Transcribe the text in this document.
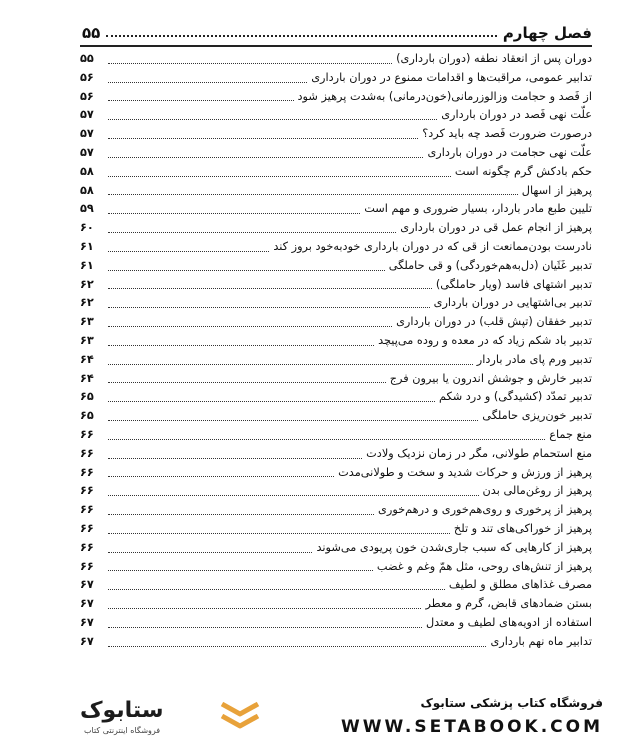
فصل چهارم
۵۵
دوران پس از انعقاد نطفه (دوران بارداری)
۵۵
تدابیر عمومی، مراقبت‌ها و اقدامات ممنوع در دوران بارداری
۵۶
از فَصد و حجامت وزالوزرمانی(خون‌درمانی) به‌شدت پرهیز شود
۵۶
علّت نهی فَصد در دوران بارداری
۵۷
درصورت ضرورت فَصد چه باید کرد؟
۵۷
علّت نهی حجامت در دوران بارداری
۵۷
حکم بادکش گرم چگونه است
۵۸
پرهیز از اسهال
۵۸
تلیین طبع مادر باردار، بسیار ضروری و مهم است
۵۹
پرهیز از انجام عمل قی در دوران بارداری
۶۰
نادرست بودن‌ممانعت از قی که در دوران بارداری خودبه‌خود بروز کند
۶۱
تدبیر غَثَیان (دل‌به‌هم‌خوردگی) و قی حاملگی
۶۱
تدبیر اشتهای فاسد (ویار حاملگی)
۶۲
تدبیر بی‌اشتهایی در دوران بارداری
۶۲
تدبیر خفقان (تپش قلب) در دوران بارداری
۶۳
تدبیر باد شکم زیاد که در معده و روده می‌پیچد
۶۳
تدبیر ورم پای مادر باردار
۶۴
تدبیر خارش و جوشش اندرون یا بیرون فرج
۶۴
تدبیر تمدّد (کشیدگی) و درد شکم
۶۵
تدبیر خون‌ریزی حاملگی
۶۵
منع جماع
۶۶
منع استحمام طولانی، مگر در زمان نزدیک ولادت
۶۶
پرهیز از ورزش و حرکات شدید و سخت و طولانی‌مدت
۶۶
پرهیز از روغن‌مالی بدن
۶۶
پرهیز از پرخوری و روی‌هم‌خوری و درهم‌خوری
۶۶
پرهیز از خوراکی‌های تند و تلخ
۶۶
پرهیز از کارهایی که سبب جاری‌شدن خون پریودی می‌شوند
۶۶
پرهیز از تنش‌های روحی، مثل همّ وغم و غضب
۶۶
مصرف غذاهای مطلق و لطیف
۶۷
بستن ضمادهای قابض، گرم و معطر
۶۷
استفاده از ادویه‌های لطیف و معتدل
۶۷
تدابیر ماه نهم بارداری
۶۷
ستابوک
فروشگاه اینترنتی کتاب
فروشگاه کتاب پزشکی ستابوک
WWW.SETABOOK.COM
